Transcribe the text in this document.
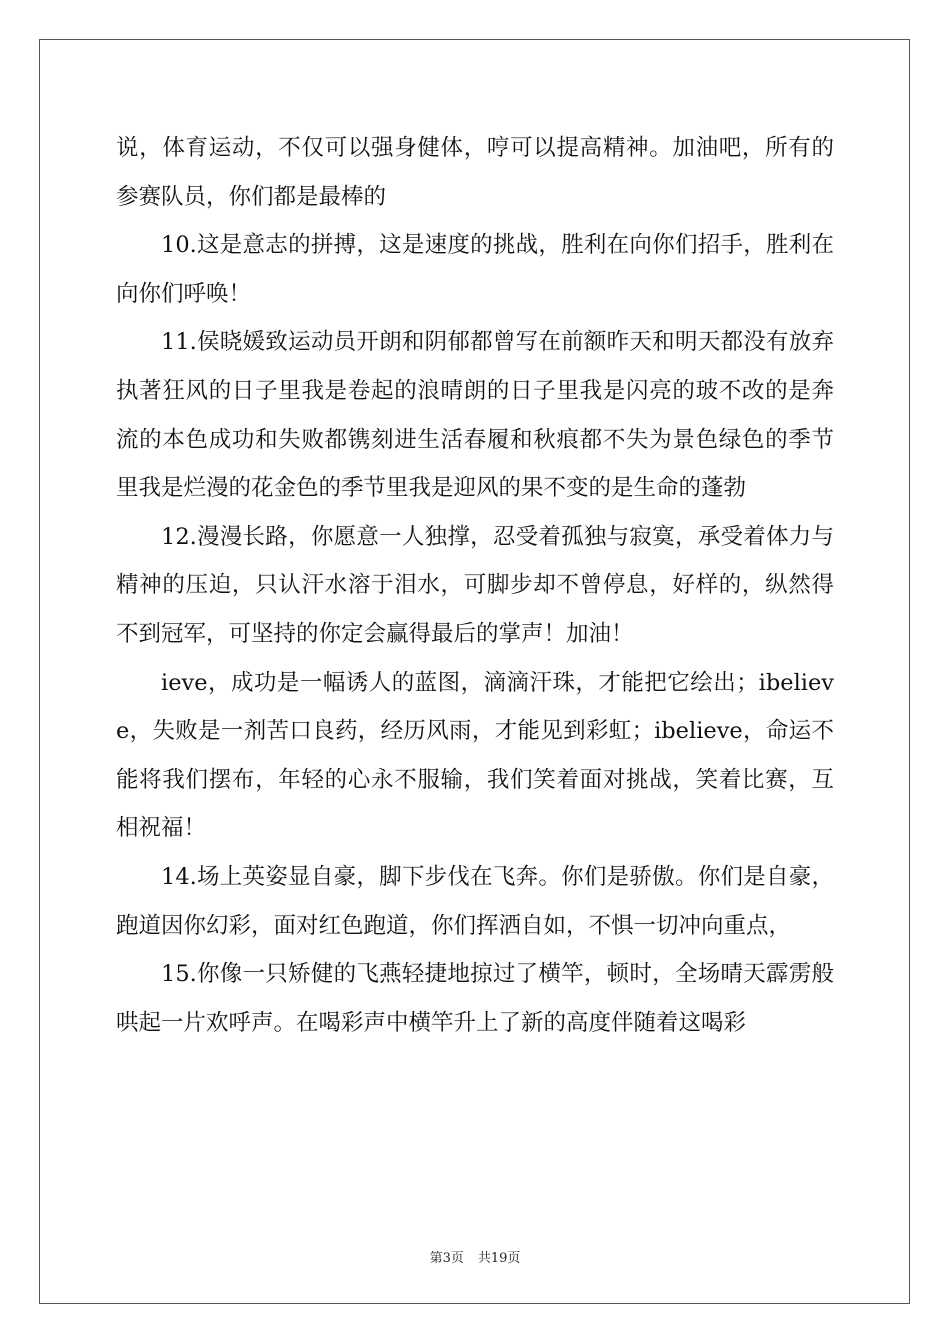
说，体育运动，不仅可以强身健体，哼可以提高精神。加油吧，所有的参赛队员，你们都是最棒的

10.这是意志的拼搏，这是速度的挑战，胜利在向你们招手，胜利在向你们呼唤！

11.侯晓媛致运动员开朗和阴郁都曾写在前额昨天和明天都没有放弃执著狂风的日子里我是卷起的浪晴朗的日子里我是闪亮的玻不改的是奔流的本色成功和失败都镌刻进生活春履和秋痕都不失为景色绿色的季节里我是烂漫的花金色的季节里我是迎风的果不变的是生命的蓬勃

12.漫漫长路，你愿意一人独撑，忍受着孤独与寂寞，承受着体力与精神的压迫，只认汗水溶于泪水，可脚步却不曾停息，好样的，纵然得不到冠军，可坚持的你定会赢得最后的掌声！加油！

ieve，成功是一幅诱人的蓝图，滴滴汗珠，才能把它绘出；ibelieve，失败是一剂苦口良药，经历风雨，才能见到彩虹；ibelieve，命运不能将我们摆布，年轻的心永不服输，我们笑着面对挑战，笑着比赛，互相祝福！

14.场上英姿显自豪，脚下步伐在飞奔。你们是骄傲。你们是自豪，跑道因你幻彩，面对红色跑道，你们挥洒自如，不惧一切冲向重点，

15.你像一只矫健的飞燕轻捷地掠过了横竿，顿时，全场晴天霹雳般哄起一片欢呼声。在喝彩声中横竿升上了新的高度伴随着这喝彩

第3页 共19页
